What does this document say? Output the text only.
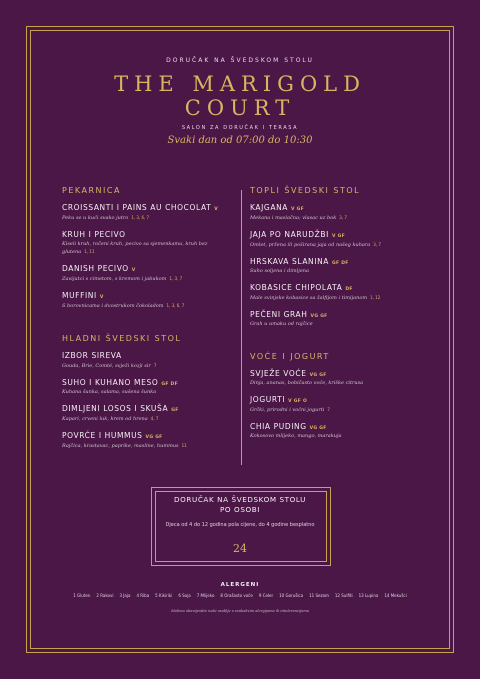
DORUČAK NA ŠVEDSKOM STOLU
THE MARIGOLD
COURT
SALON ZA DORUČAK I TERASA
Svaki dan od 07:00 do 10:30
PEKARNICA
CROISSANTI I PAINS AU CHOCOLAT V
Peku se u kući svako jutro 1, 3, 6, 7
KRUH I PECIVO
Kiseli kruh, ročeni kruh, pecivo sa sjemenkama, kruh bez glutena 1, 11
DANISH PECIVO V
Zavijutci s cimetom, s kremom i jabukom 1, 3, 7
MUFFINI V
S borovnicama i dvostrukom čokoladom 1, 3, 6, 7
HLADNI ŠVEDSKI STOL
IZBOR SIREVA
Gouda, Brie, Comté, svježi kozji sir 7
SUHO I KUHANO MESO GF DF
Kuhana šunka, salama, sušena šunka
DIMLJENI LOSOS I SKUŠA GF
Kapari, crveni luk, krem od hrena 4, 7
POVRĆE I HUMMUS VG GF
Rajčica, krastavac, paprike, masline, hummus 11
TOPLI ŠVEDSKI STOL
KAJGANA V GF
Mekana i maslačna; vlasac uz bok 3, 7
JAJA PO NARUDŽBI V GF
Omlet, pržena ili poširana jaja od našeg kuhara 3, 7
HRSKAVA SLANINA GF DF
Suho soljena i dimljena
KOBASICE CHIPOLATA DF
Male svinjske kobasice sa žalfijom i timijanom 1, 12
PEČENI GRAH VG GF
Grah u umaku od rajčice
VOĆE I JOGURT
SVJEŽE VOĆE VG GF
Dinja, ananas, bobičasto voće, kriške citrusa
JOGURTI V GF O
Grčki, prirodni i voćni jogurti 7
CHIA PUDING VG GF
Kokosovo mlijeko, mango, marakuja
DORUČAK NA ŠVEDSKOM STOLU
PO OSOBI
Djeca od 4 do 12 godina pola cijene, do 4 godine besplatno
24
ALERGENI
1 Gluten 2 Rakovi 3 Jaja 4 Riba 5 Kikiriki 6 Soja 7 Mlijeko 8 Orašasto voće 9 Celer 10 Gorušica 11 Sezam 12 Sulfiti 13 Lupina 14 Mekušci
Molimo obavijestite naše osoblje o sva​kakvim alergijama ili intolerancijama
